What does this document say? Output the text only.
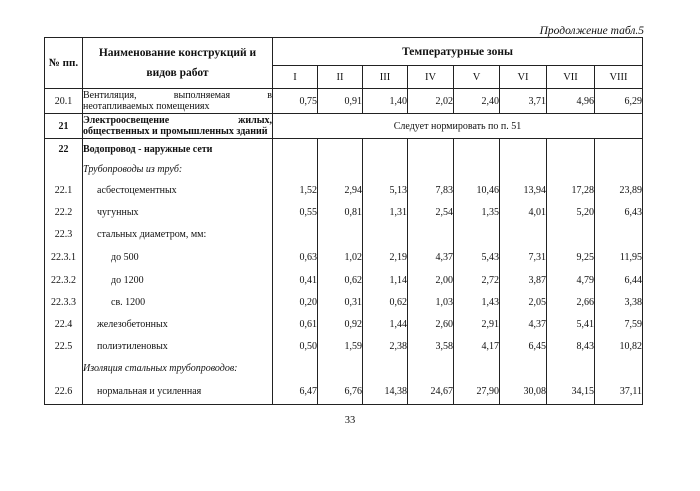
Продолжение табл.5
№ пп.	Наименование конструкций и видов работ	Температурные зоны							
		I	II	III	IV	V	VI	VII	VIII
20.1	Вентиляция, выполняемая в неотапливаемых помещениях	0,75	0,91	1,40	2,02	2,40	3,71	4,96	6,29
21	Электроосвещение жилых, общественных и промышленных зданий	Следует нормировать по п. 51							
22	Водопровод - наружные сети								
	Трубопроводы из труб:								
22.1	асбестоцементных	1,52	2,94	5,13	7,83	10,46	13,94	17,28	23,89
22.2	чугунных	0,55	0,81	1,31	2,54	1,35	4,01	5,20	6,43
22.3	стальных диаметром, мм:								
22.3.1	до 500	0,63	1,02	2,19	4,37	5,43	7,31	9,25	11,95
22.3.2	до 1200	0,41	0,62	1,14	2,00	2,72	3,87	4,79	6,44
22.3.3	св. 1200	0,20	0,31	0,62	1,03	1,43	2,05	2,66	3,38
22.4	железобетонных	0,61	0,92	1,44	2,60	2,91	4,37	5,41	7,59
22.5	полиэтиленовых	0,50	1,59	2,38	3,58	4,17	6,45	8,43	10,82
	Изоляция стальных трубопроводов:								
22.6	нормальная и усиленная	6,47	6,76	14,38	24,67	27,90	30,08	34,15	37,11
33
